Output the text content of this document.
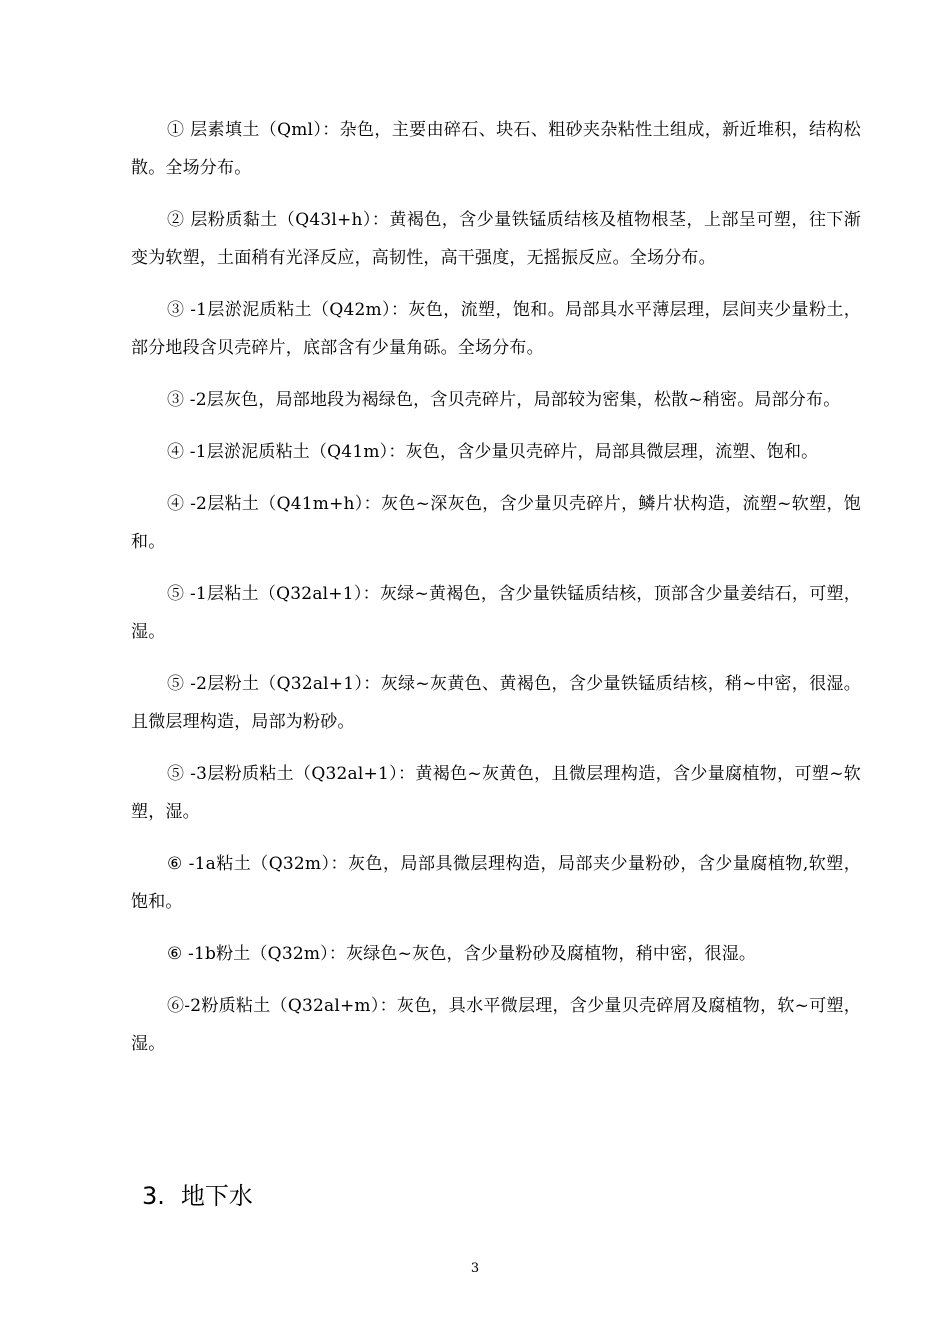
① 层素填土（Qml）：杂色，主要由碎石、块石、粗砂夹杂粘性土组成，新近堆积，结构松散。全场分布。

② 层粉质黏土（Q43l+h）：黄褐色，含少量铁锰质结核及植物根茎，上部呈可塑，往下渐变为软塑，土面稍有光泽反应，高韧性，高干强度，无摇振反应。全场分布。

③ -1层淤泥质粘土（Q42m）：灰色，流塑，饱和。局部具水平薄层理，层间夹少量粉土，部分地段含贝壳碎片，底部含有少量角砾。全场分布。

③ -2层灰色，局部地段为褐绿色，含贝壳碎片，局部较为密集，松散~稍密。局部分布。

④ -1层淤泥质粘土（Q41m）：灰色，含少量贝壳碎片，局部具微层理，流塑、饱和。

④ -2层粘土（Q41m+h）：灰色~深灰色，含少量贝壳碎片，鳞片状构造，流塑~软塑，饱和。

⑤ -1层粘土（Q32al+1）：灰绿~黄褐色，含少量铁锰质结核，顶部含少量姜结石，可塑，湿。

⑤ -2层粉土（Q32al+1）：灰绿~灰黄色、黄褐色，含少量铁锰质结核，稍~中密，很湿。且微层理构造，局部为粉砂。

⑤ -3层粉质粘土（Q32al+1）：黄褐色~灰黄色，且微层理构造，含少量腐植物，可塑~软塑，湿。

⑥ -1a粘土（Q32m）：灰色，局部具微层理构造，局部夹少量粉砂，含少量腐植物,软塑，饱和。

⑥ -1b粉土（Q32m）：灰绿色~灰色，含少量粉砂及腐植物，稍中密，很湿。

⑥-2粉质粘土（Q32al+m）：灰色，具水平微层理，含少量贝壳碎屑及腐植物，软~可塑，湿。

3. 地下水
3
